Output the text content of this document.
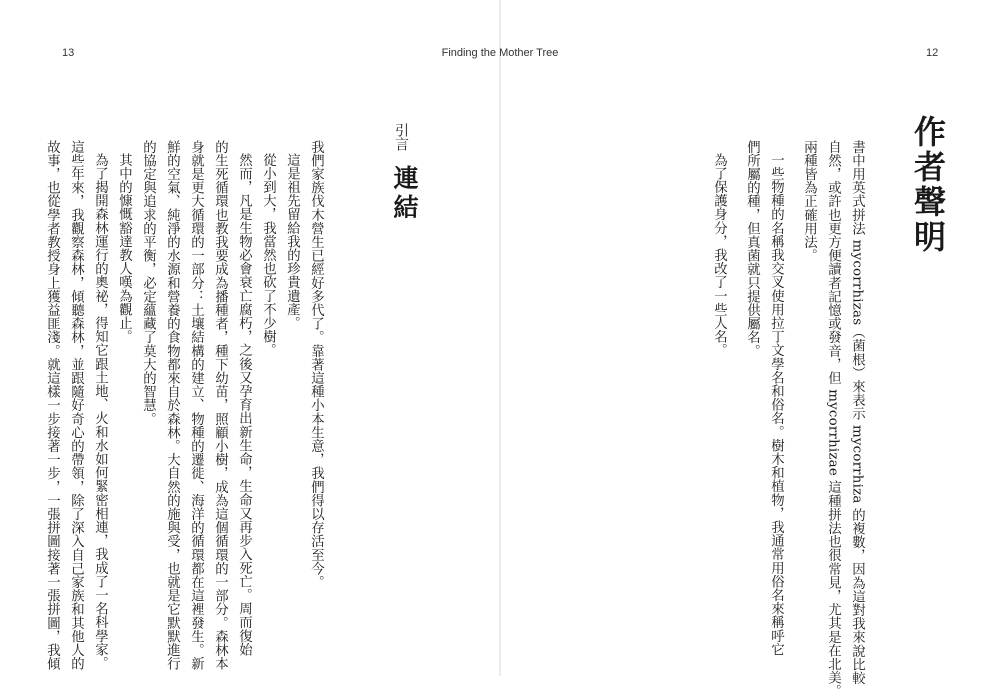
13	Finding the Mother Tree	12
作者聲明
書中用英式拼法 mycorrhizas（菌根）來表示 mycorrhiza 的複數，因為這對我來說比較
自然，或許也更方便讀者記憶或發音，但 mycorrhizae 這種拼法也很常見，尤其是在北美。
兩種皆為正確用法。
一些物種的名稱我交叉使用拉丁文學名和俗名。樹木和植物，我通常用俗名來稱呼它
們所屬的種，但真菌就只提供屬名。
為了保護身分，我改了一些人名。
引言
連結
我們家族伐木營生已經好多代了。靠著這種小本生意，我們得以存活至今。
這是祖先留給我的珍貴遺產。
從小到大，我當然也砍了不少樹。
然而，凡是生物必會衰亡腐朽，之後又孕育出新生命，生命又再步入死亡。周而復始
的生死循環也教我要成為播種者，種下幼苗，照顧小樹，成為這個循環的一部分。森林本
身就是更大循環的一部分：土壤結構的建立、物種的遷徙、海洋的循環都在這裡發生。新
鮮的空氣、純淨的水源和營養的食物都來自於森林。大自然的施與受，也就是它默默進行
的協定與追求的平衡，必定蘊藏了莫大的智慧。
其中的慷慨豁達教人嘆為觀止。
為了揭開森林運行的奧祕，得知它跟土地、火和水如何緊密相連，我成了一名科學家。
這些年來，我觀察森林，傾聽森林，並跟隨好奇心的帶領，除了深入自己家族和其他人的
故事，也從學者教授身上獲益匪淺。就這樣一步接著一步，一張拼圖接著一張拼圖，我傾
